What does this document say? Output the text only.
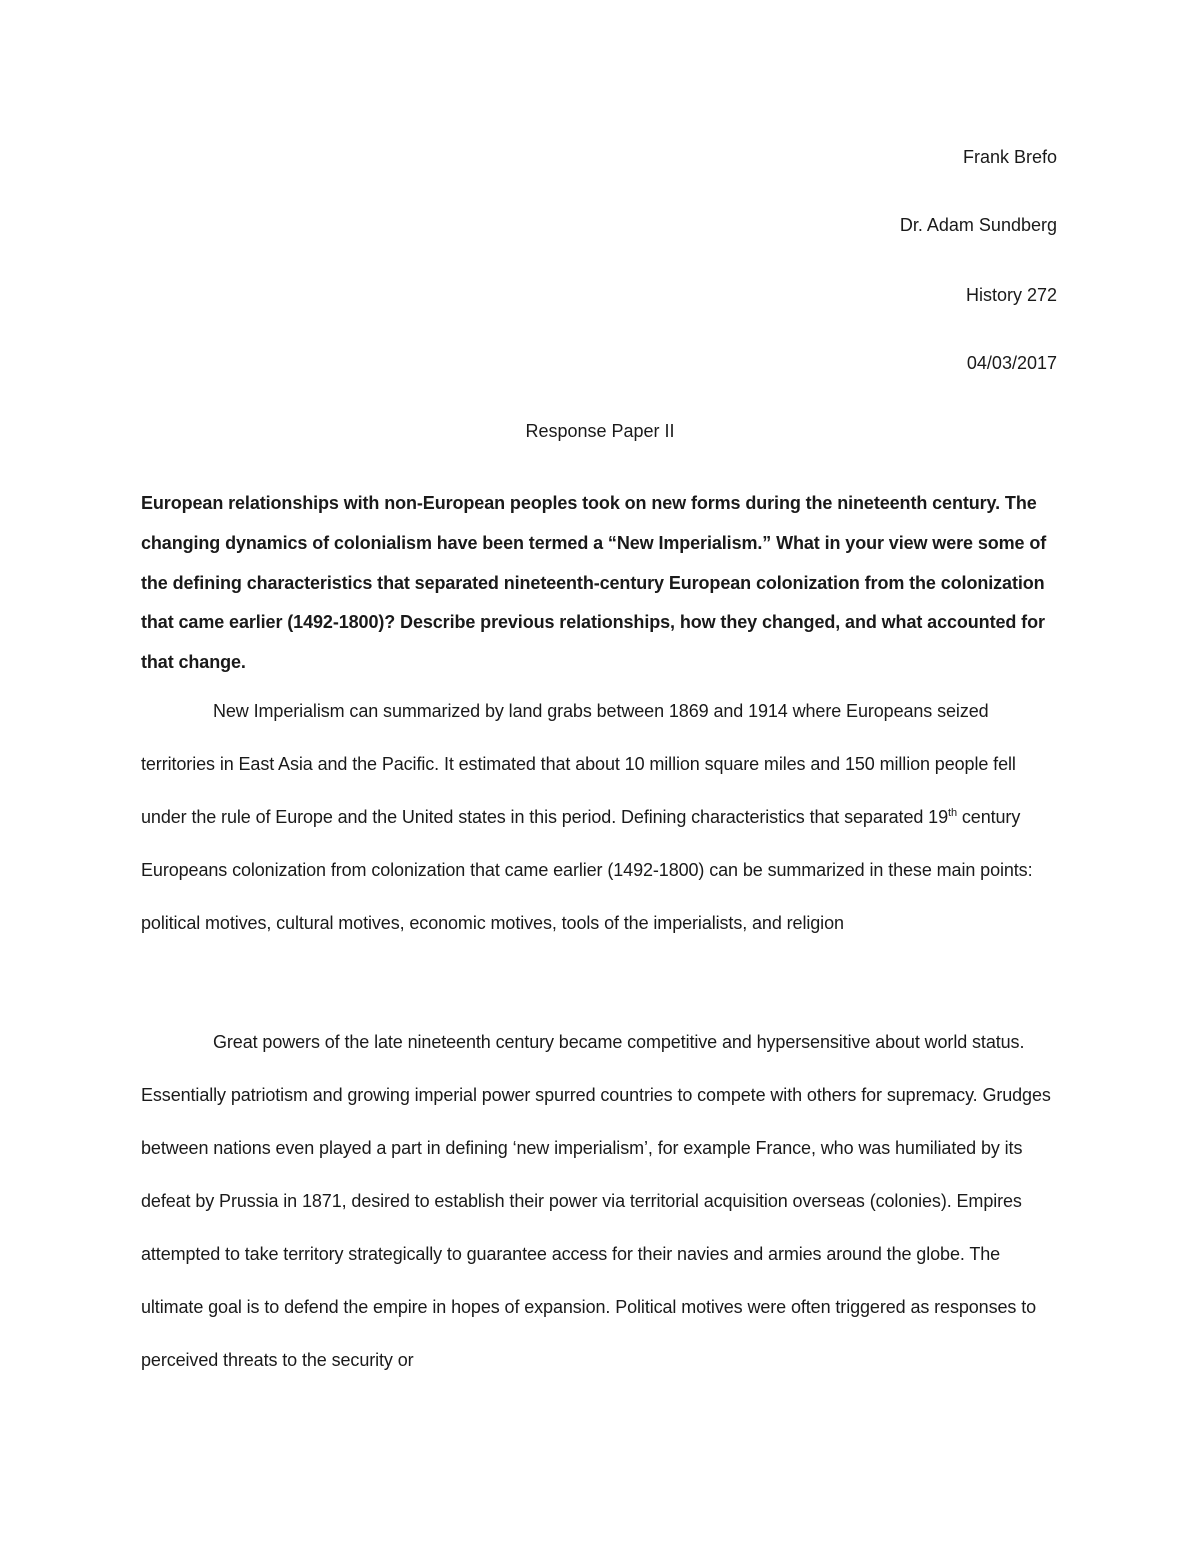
Frank Brefo
Dr. Adam Sundberg
History 272
04/03/2017
Response Paper II
European relationships with non-European peoples took on new forms during the nineteenth century. The changing dynamics of colonialism have been termed a “New Imperialism.” What in your view were some of the defining characteristics that separated nineteenth-century European colonization from the colonization that came earlier (1492-1800)? Describe previous relationships, how they changed, and what accounted for that change.
New Imperialism can summarized by land grabs between 1869 and 1914 where Europeans seized territories in East Asia and the Pacific. It estimated that about 10 million square miles and 150 million people fell under the rule of Europe and the United states in this period. Defining characteristics that separated 19th century Europeans colonization from colonization that came earlier (1492-1800) can be summarized in these main points: political motives, cultural motives, economic motives, tools of the imperialists, and religion
Great powers of the late nineteenth century became competitive and hypersensitive about world status. Essentially patriotism and growing imperial power spurred countries to compete with others for supremacy. Grudges between nations even played a part in defining ‘new imperialism’, for example France, who was humiliated by its defeat by Prussia in 1871, desired to establish their power via territorial acquisition overseas (colonies). Empires attempted to take territory strategically to guarantee access for their navies and armies around the globe. The ultimate goal is to defend the empire in hopes of expansion. Political motives were often triggered as responses to perceived threats to the security or
